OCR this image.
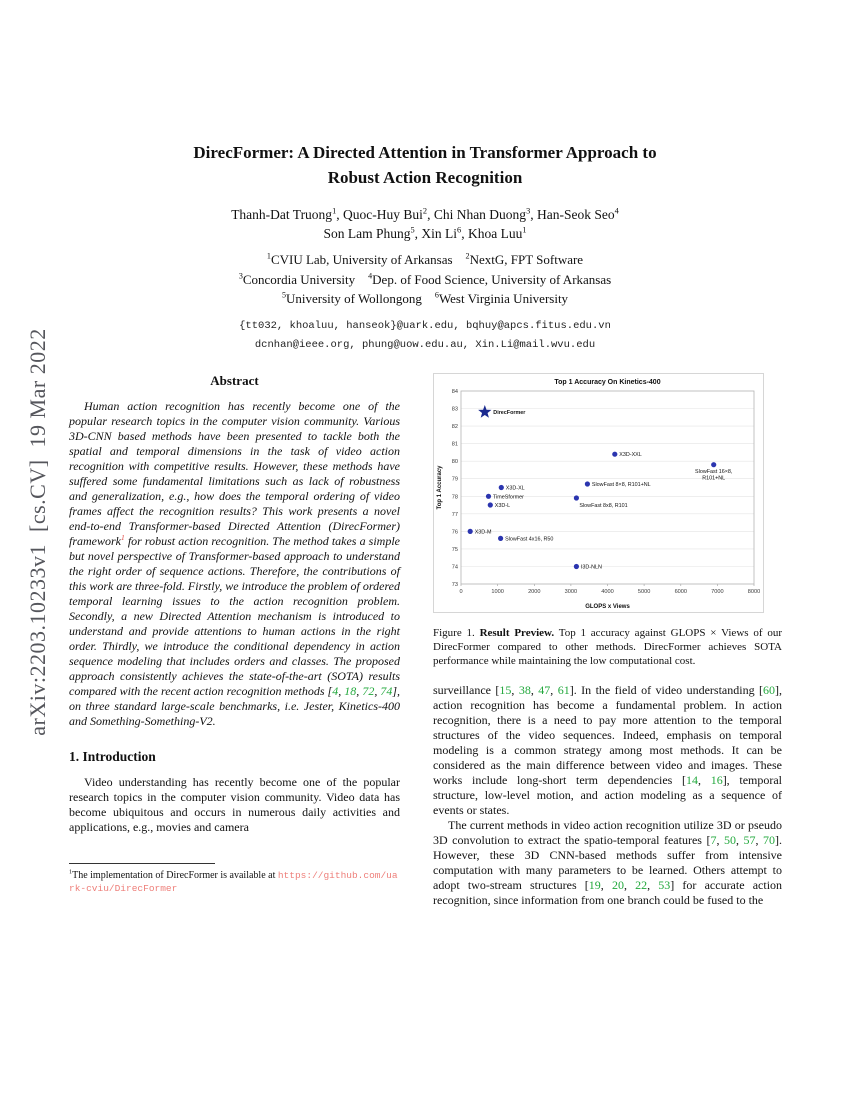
arXiv:2203.10233v1  [cs.CV]  19 Mar 2022
DirecFormer: A Directed Attention in Transformer Approach to
Robust Action Recognition
Thanh-Dat Truong$^1$, Quoc-Huy Bui$^2$, Chi Nhan Duong$^3$, Han-Seok Seo$^4$
Son Lam Phung$^5$, Xin Li$^6$, Khoa Luu$^1$
$^1$CVIU Lab, University of Arkansas $^2$NextG, FPT Software
$^3$Concordia University $^4$Dep. of Food Science, University of Arkansas
$^5$University of Wollongong $^6$West Virginia University
{tt032, khoaluu, hanseok}@uark.edu, bqhuy@apcs.fitus.edu.vn
dcnhan@ieee.org, phung@uow.edu.au, Xin.Li@mail.wvu.edu
Abstract
Human action recognition has recently become one of the popular research topics in the computer vision community. Various 3D-CNN based methods have been presented to tackle both the spatial and temporal dimensions in the task of video action recognition with competitive results. However, these methods have suffered some fundamental limitations such as lack of robustness and generalization, e.g., how does the temporal ordering of video frames affect the recognition results? This work presents a novel end-to-end Transformer-based Directed Attention (DirecFormer) framework$^1$ for robust action recognition. The method takes a simple but novel perspective of Transformer-based approach to understand the right order of sequence actions. Therefore, the contributions of this work are three-fold. Firstly, we introduce the problem of ordered temporal learning issues to the action recognition problem. Secondly, a new Directed Attention mechanism is introduced to understand and provide attentions to human actions in the right order. Thirdly, we introduce the conditional dependency in action sequence modeling that includes orders and classes. The proposed approach consistently achieves the state-of-the-art (SOTA) results compared with the recent action recognition methods [4, 18, 72, 74], on three standard large-scale benchmarks, i.e. Jester, Kinetics-400 and Something-Something-V2.
1. Introduction
Video understanding has recently become one of the popular research topics in the computer vision community. Video data has become ubiquitous and occurs in numerous daily activities and applications, e.g., movies and camera
$^1$The implementation of DirecFormer is available at https://github.com/uark-cviu/DirecFormer
73
74
75
76
77
78
79
80
81
82
83
84
0	1000	2000	3000	4000	5000	6000	7000	8000
Top 1 Accuracy On Kinetics-400
GLOPS x Views
Top 1 Accuracy
DirecFormer
X3D-XXL
SlowFast 16×8,
R101+NL
SlowFast 8×8, R101+NL
X3D-XL
TimeSformer
SlowFast 8x8, R101
X3D-L
X3D-M
SlowFast 4x16, R50
I3D-NLN
Figure 1. Result Preview. Top 1 accuracy against GLOPS × Views of our DirecFormer compared to other methods. DirecFormer achieves SOTA performance while maintaining the low computational cost.
surveillance [15, 38, 47, 61]. In the field of video understanding [60], action recognition has become a fundamental problem. In action recognition, there is a need to pay more attention to the temporal structures of the video sequences. Indeed, emphasis on temporal modeling is a common strategy among most methods. It can be considered as the main difference between video and images. These works include long-short term dependencies [14, 16], temporal structure, low-level motion, and action modeling as a sequence of events or states.
The current methods in video action recognition utilize 3D or pseudo 3D convolution to extract the spatio-temporal features [7, 50, 57, 70]. However, these 3D CNN-based methods suffer from intensive computation with many parameters to be learned. Others attempt to adopt two-stream structures [19, 20, 22, 53] for accurate action recognition, since information from one branch could be fused to the
